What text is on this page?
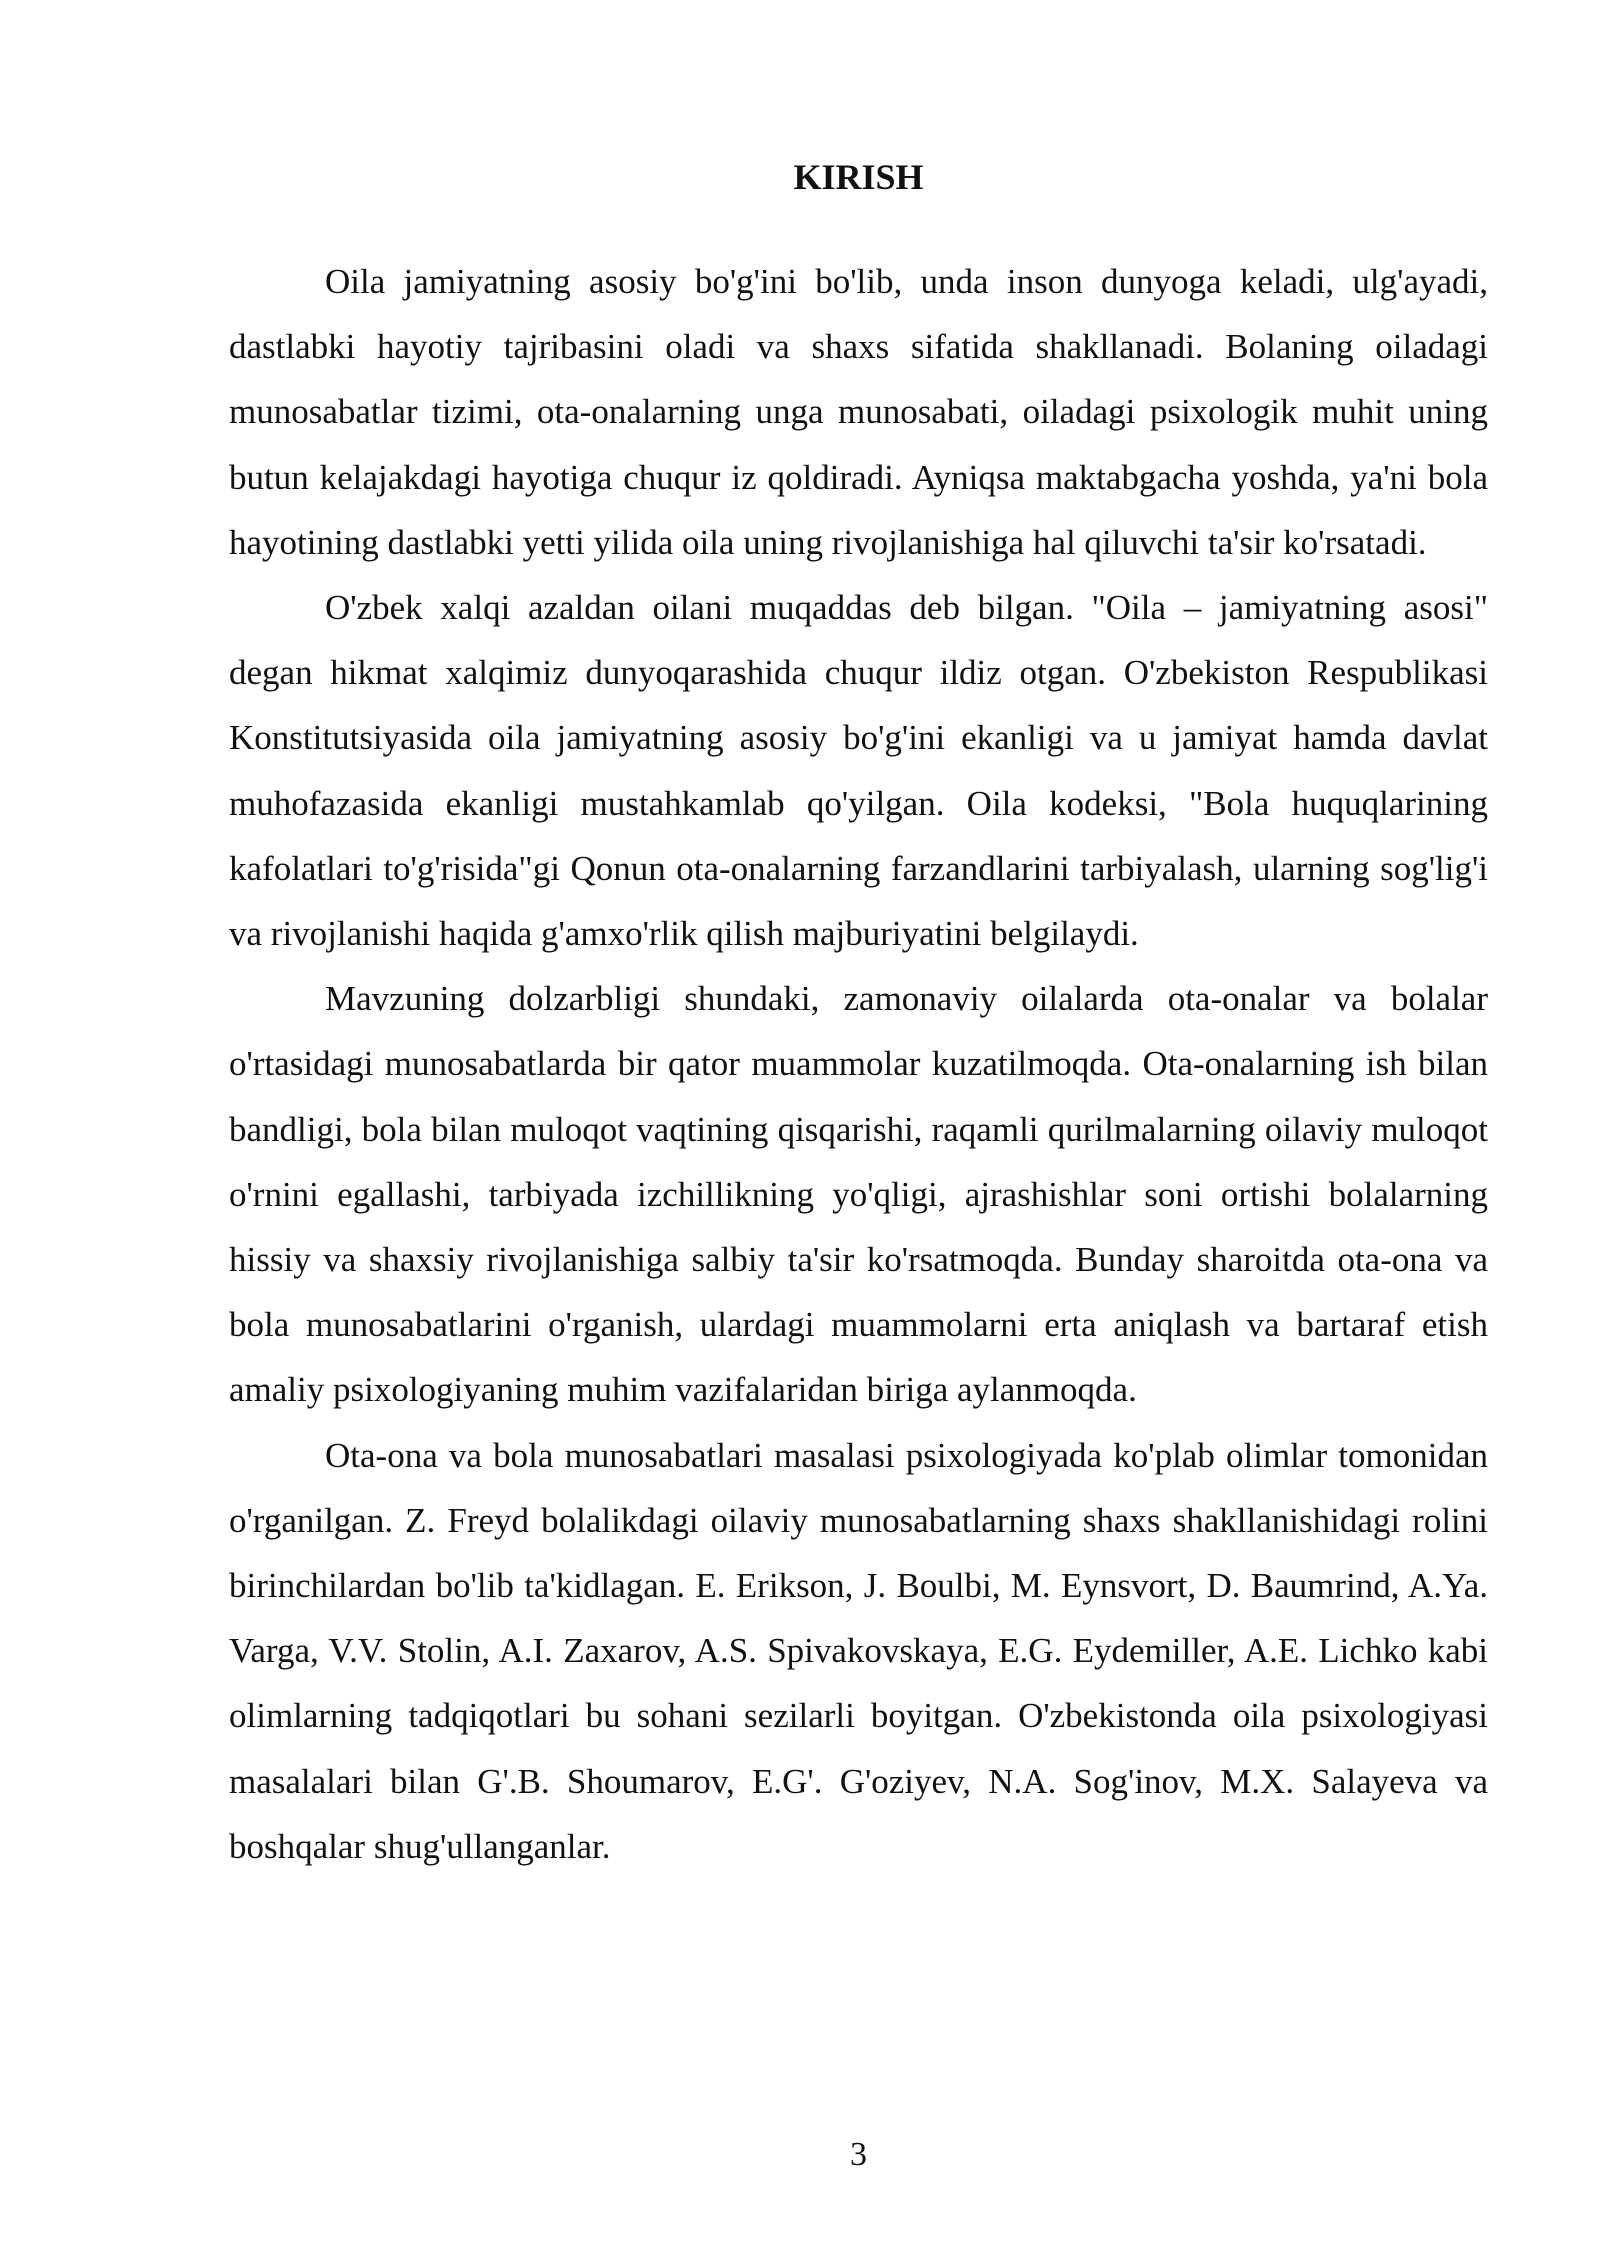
KIRISH

Oila jamiyatning asosiy bo'g'ini bo'lib, unda inson dunyoga keladi, ulg'ayadi, dastlabki hayotiy tajribasini oladi va shaxs sifatida shakllanadi. Bolaning oiladagi munosabatlar tizimi, ota-onalarning unga munosabati, oiladagi psixologik muhit uning butun kelajakdagi hayotiga chuqur iz qoldiradi. Ayniqsa maktabgacha yoshda, ya'ni bola hayotining dastlabki yetti yilida oila uning rivojlanishiga hal qiluvchi ta'sir ko'rsatadi.

O'zbek xalqi azaldan oilani muqaddas deb bilgan. "Oila – jamiyatning asosi" degan hikmat xalqimiz dunyoqarashida chuqur ildiz otgan. O'zbekiston Respublikasi Konstitutsiyasida oila jamiyatning asosiy bo'g'ini ekanligi va u jamiyat hamda davlat muhofazasida ekanligi mustahkamlab qo'yilgan. Oila kodeksi, "Bola huquqlarining kafolatlari to'g'risida"gi Qonun ota-onalarning farzandlarini tarbiyalash, ularning sog'lig'i va rivojlanishi haqida g'amxo'rlik qilish majburiyatini belgilaydi.

Mavzuning dolzarbligi shundaki, zamonaviy oilalarda ota-onalar va bolalar o'rtasidagi munosabatlarda bir qator muammolar kuzatilmoqda. Ota-onalarning ish bilan bandligi, bola bilan muloqot vaqtining qisqarishi, raqamli qurilmalarning oilaviy muloqot o'rnini egallashi, tarbiyada izchillikning yo'qligi, ajrashishlar soni ortishi bolalarning hissiy va shaxsiy rivojlanishiga salbiy ta'sir ko'rsatmoqda. Bunday sharoitda ota-ona va bola munosabatlarini o'rganish, ulardagi muammolarni erta aniqlash va bartaraf etish amaliy psixologiyaning muhim vazifalaridan biriga aylanmoqda.

Ota-ona va bola munosabatlari masalasi psixologiyada ko'plab olimlar tomonidan o'rganilgan. Z. Freyd bolalikdagi oilaviy munosabatlarning shaxs shakllanishidagi rolini birinchilardan bo'lib ta'kidlagan. E. Erikson, J. Boulbi, M. Eynsvort, D. Baumrind, A.Ya. Varga, V.V. Stolin, A.I. Zaxarov, A.S. Spivakovskaya, E.G. Eydemiller, A.E. Lichko kabi olimlarning tadqiqotlari bu sohani sezilarli boyitgan. O'zbekistonda oila psixologiyasi masalalari bilan G'.B. Shoumarov, E.G'. G'oziyev, N.A. Sog'inov, M.X. Salayeva va boshqalar shug'ullanganlar.

3
